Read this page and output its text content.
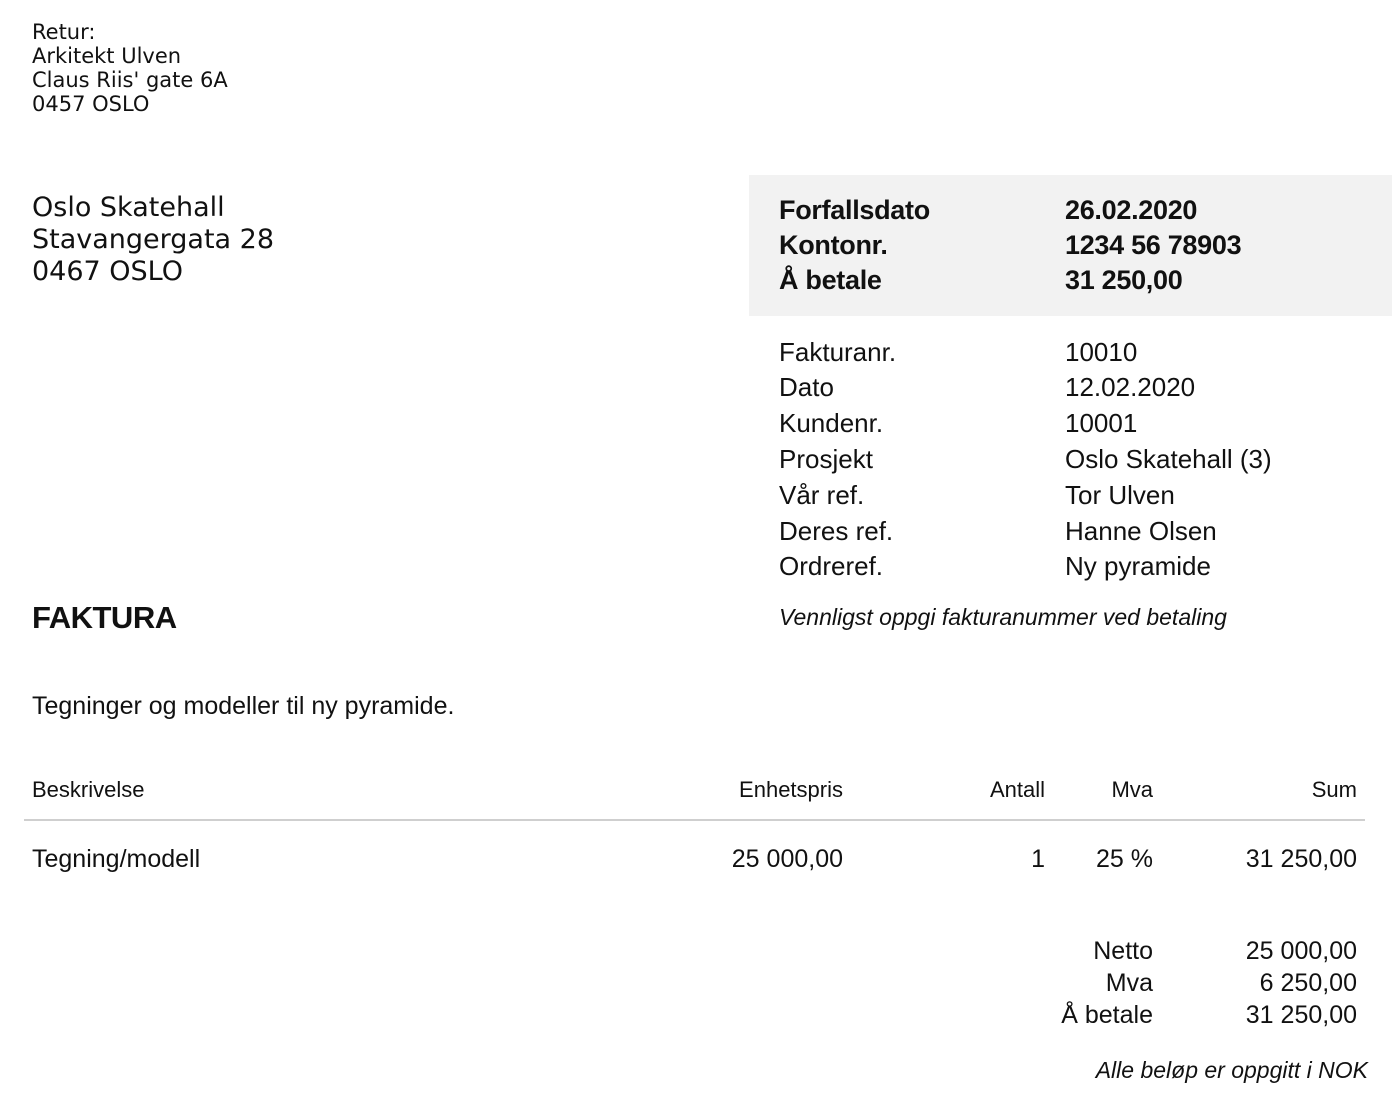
Retur:
Arkitekt Ulven
Claus Riis' gate 6A
0457 OSLO
Oslo Skatehall
Stavangergata 28
0467 OSLO
Forfallsdato	26.02.2020
Kontonr.	1234 56 78903
Å betale	31 250,00
Fakturanr.	10010
Dato	12.02.2020
Kundenr.	10001
Prosjekt	Oslo Skatehall (3)
Vår ref.	Tor Ulven
Deres ref.	Hanne Olsen
Ordreref.	Ny pyramide
Vennligst oppgi fakturanummer ved betaling
FAKTURA
Tegninger og modeller til ny pyramide.
Beskrivelse	Enhetspris	Antall	Mva	Sum
Tegning/modell	25 000,00	1 25 %	31 250,00
Netto	25 000,00
Mva	6 250,00
Å betale	31 250,00
Alle beløp er oppgitt i NOK
